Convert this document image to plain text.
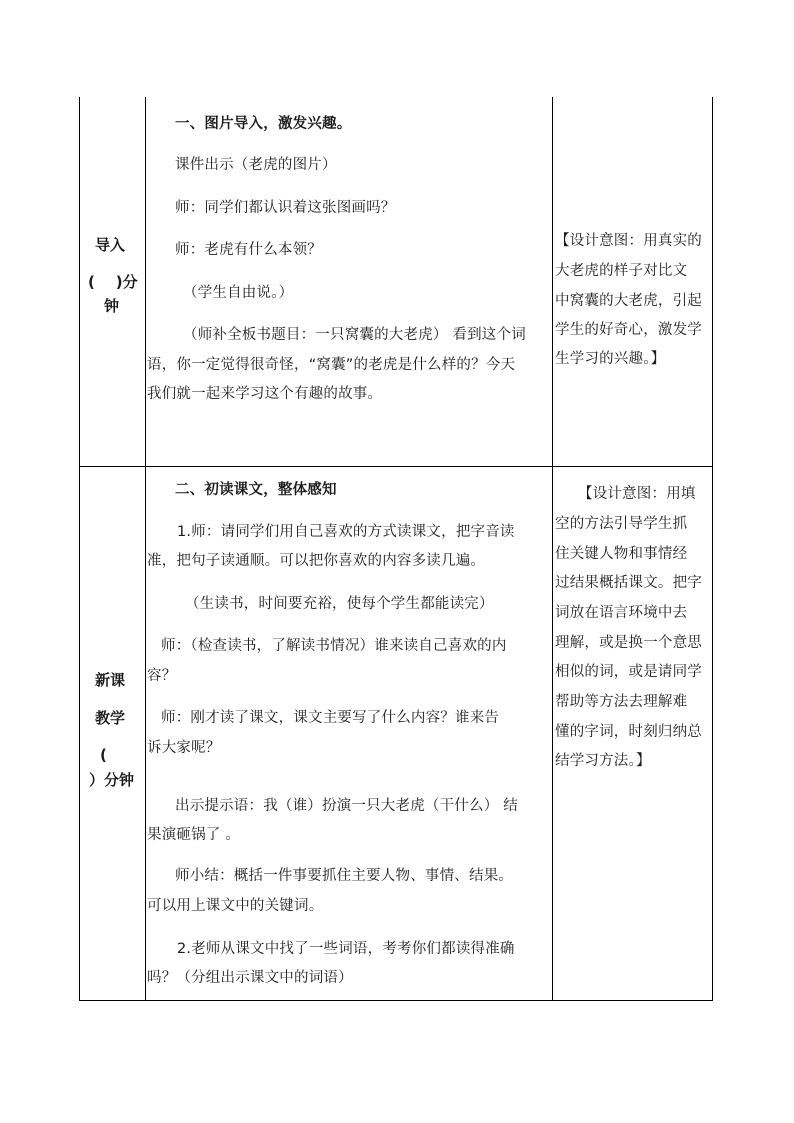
导入
(    )分
钟
一、图片导入，激发兴趣。
课件出示（老虎的图片）
师：同学们都认识着这张图画吗？
师：老虎有什么本领？
（学生自由说。）
（师补全板书题目：一只窝囊的大老虎） 看到这个词
语，你一定觉得很奇怪，“窝囊”的老虎是什么样的？今天
我们就一起来学习这个有趣的故事。
【设计意图：用真实的
大老虎的样子对比文
中窝囊的大老虎，引起
学生的好奇心，激发学
生学习的兴趣。】
新课
教学
(
）分钟
二、初读课文，整体感知
1.师：请同学们用自己喜欢的方式读课文，把字音读
准，把句子读通顺。可以把你喜欢的内容多读几遍。
（生读书，时间要充裕，使每个学生都能读完）
师：（检查读书，了解读书情况）谁来读自己喜欢的内
容？
师：刚才读了课文，课文主要写了什么内容？谁来告
诉大家呢？
出示提示语：我（谁）扮演一只大老虎（干什么） 结
果演砸锅了 。
师小结：概括一件事要抓住主要人物、事情、结果。
可以用上课文中的关键词。
2.老师从课文中找了一些词语，考考你们都读得准确
吗？（分组出示课文中的词语）
【设计意图：用填
空的方法引导学生抓
住关键人物和事情经
过结果概括课文。把字
词放在语言环境中去
理解，或是换一个意思
相似的词，或是请同学
帮助等方法去理解难
懂的字词，时刻归纳总
结学习方法。】
